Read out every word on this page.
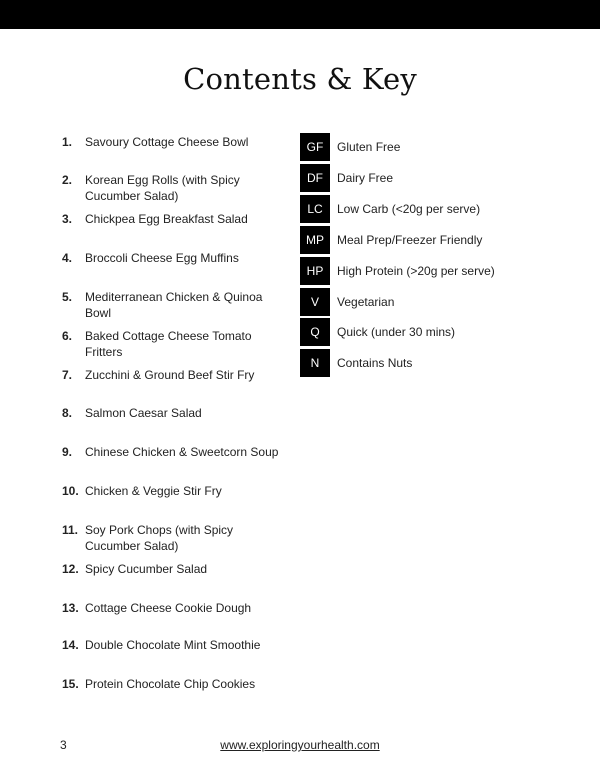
Contents & Key
1. Savoury Cottage Cheese Bowl
2. Korean Egg Rolls (with Spicy Cucumber Salad)
3. Chickpea Egg Breakfast Salad
4. Broccoli Cheese Egg Muffins
5. Mediterranean Chicken & Quinoa Bowl
6. Baked Cottage Cheese Tomato Fritters
7. Zucchini & Ground Beef Stir Fry
8. Salmon Caesar Salad
9. Chinese Chicken & Sweetcorn Soup
10. Chicken & Veggie Stir Fry
11. Soy Pork Chops (with Spicy Cucumber Salad)
12. Spicy Cucumber Salad
13. Cottage Cheese Cookie Dough
14. Double Chocolate Mint Smoothie
15. Protein Chocolate Chip Cookies
GF	Gluten Free
DF	Dairy Free
LC	Low Carb (<20g per serve)
MP	Meal Prep/Freezer Friendly
HP	High Protein (>20g per serve)
V	Vegetarian
Q	Quick (under 30 mins)
N	Contains Nuts
3	www.exploringyourhealth.com
